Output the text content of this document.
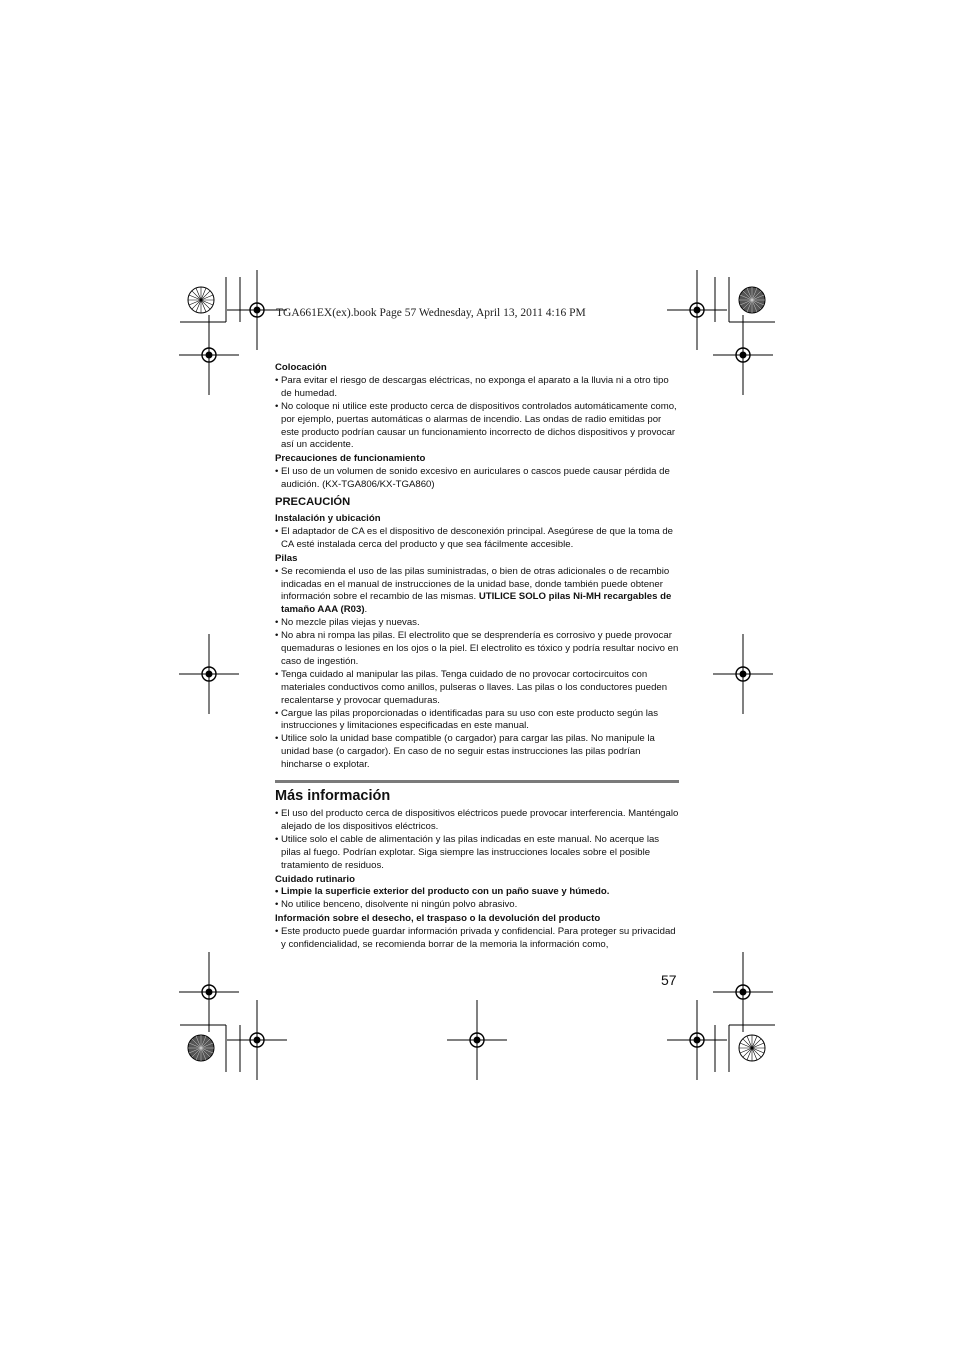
TGA661EX(ex).book Page 57 Wednesday, April 13, 2011 4:16 PM

Colocación

• Para evitar el riesgo de descargas eléctricas, no exponga el aparato a la lluvia ni a otro tipo de humedad.

• No coloque ni utilice este producto cerca de dispositivos controlados automáticamente como, por ejemplo, puertas automáticas o alarmas de incendio. Las ondas de radio emitidas por este producto podrían causar un funcionamiento incorrecto de dichos dispositivos y provocar así un accidente.

Precauciones de funcionamiento

• El uso de un volumen de sonido excesivo en auriculares o cascos puede causar pérdida de audición. (KX-TGA806/KX-TGA860)

PRECAUCIÓN

Instalación y ubicación

• El adaptador de CA es el dispositivo de desconexión principal. Asegúrese de que la toma de CA esté instalada cerca del producto y que sea fácilmente accesible.

Pilas

• Se recomienda el uso de las pilas suministradas, o bien de otras adicionales o de recambio indicadas en el manual de instrucciones de la unidad base, donde también puede obtener información sobre el recambio de las mismas. UTILICE SOLO pilas Ni-MH recargables de tamaño AAA (R03).

• No mezcle pilas viejas y nuevas.

• No abra ni rompa las pilas. El electrolito que se desprendería es corrosivo y puede provocar quemaduras o lesiones en los ojos o la piel. El electrolito es tóxico y podría resultar nocivo en caso de ingestión.

• Tenga cuidado al manipular las pilas. Tenga cuidado de no provocar cortocircuitos con materiales conductivos como anillos, pulseras o llaves. Las pilas o los conductores pueden recalentarse y provocar quemaduras.

• Cargue las pilas proporcionadas o identificadas para su uso con este producto según las instrucciones y limitaciones especificadas en este manual.

• Utilice solo la unidad base compatible (o cargador) para cargar las pilas. No manipule la unidad base (o cargador). En caso de no seguir estas instrucciones las pilas podrían hincharse o explotar.

Más información

• El uso del producto cerca de dispositivos eléctricos puede provocar interferencia. Manténgalo alejado de los dispositivos eléctricos.

• Utilice solo el cable de alimentación y las pilas indicadas en este manual. No acerque las pilas al fuego. Podrían explotar. Siga siempre las instrucciones locales sobre el posible tratamiento de residuos.

Cuidado rutinario

• Limpie la superficie exterior del producto con un paño suave y húmedo.

• No utilice benceno, disolvente ni ningún polvo abrasivo.

Información sobre el desecho, el traspaso o la devolución del producto

• Este producto puede guardar información privada y confidencial. Para proteger su privacidad y confidencialidad, se recomienda borrar de la memoria la información como,

57
